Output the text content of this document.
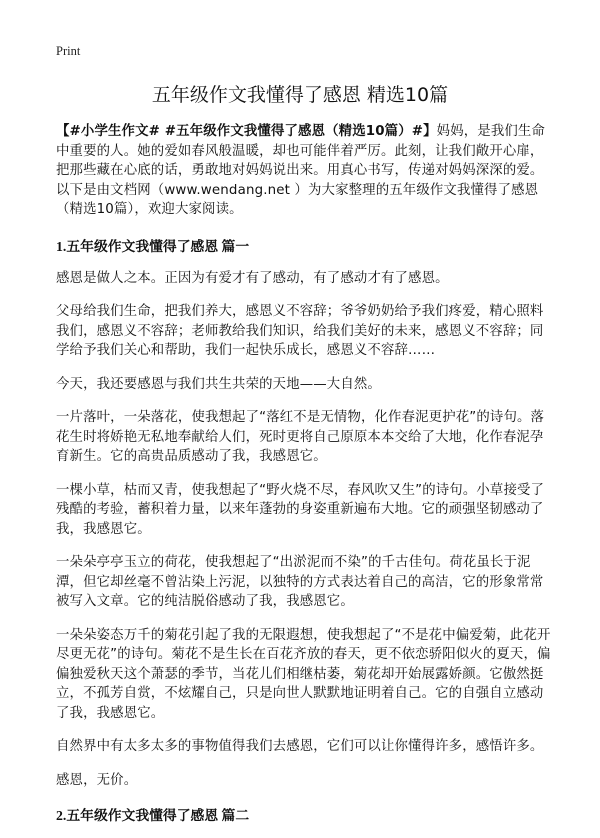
Print
五年级作文我懂得了感恩 精选10篇

【#小学生作文# #五年级作文我懂得了感恩（精选10篇）#】妈妈，是我们生命中重要的人。她的爱如春风般温暖，却也可能伴着严厉。此刻，让我们敞开心扉，把那些藏在心底的话，勇敢地对妈妈说出来。用真心书写，传递对妈妈深深的爱。以下是由文档网（www.wendang.net ）为大家整理的五年级作文我懂得了感恩（精选10篇），欢迎大家阅读。

1.五年级作文我懂得了感恩 篇一

感恩是做人之本。正因为有爱才有了感动，有了感动才有了感恩。

父母给我们生命，把我们养大，感恩义不容辞；爷爷奶奶给予我们疼爱，精心照料我们，感恩义不容辞；老师教给我们知识，给我们美好的未来，感恩义不容辞；同学给予我们关心和帮助，我们一起快乐成长，感恩义不容辞……

今天，我还要感恩与我们共生共荣的天地——大自然。

一片落叶，一朵落花，使我想起了“落红不是无情物，化作春泥更护花”的诗句。落花生时将娇艳无私地奉献给人们，死时更将自己原原本本交给了大地，化作春泥孕育新生。它的高贵品质感动了我，我感恩它。

一棵小草，枯而又青，使我想起了“野火烧不尽，春风吹又生”的诗句。小草接受了残酷的考验，蓄积着力量，以来年蓬勃的身姿重新遍布大地。它的顽强坚韧感动了我，我感恩它。

一朵朵亭亭玉立的荷花，使我想起了“出淤泥而不染”的千古佳句。荷花虽长于泥潭，但它却丝毫不曾沾染上污泥，以独特的方式表达着自己的高洁，它的形象常常被写入文章。它的纯洁脱俗感动了我，我感恩它。

一朵朵姿态万千的菊花引起了我的无限遐想，使我想起了“不是花中偏爱菊，此花开尽更无花”的诗句。菊花不是生长在百花齐放的春天，更不依恋骄阳似火的夏天，偏偏独爱秋天这个萧瑟的季节，当花儿们相继枯萎，菊花却开始展露娇颜。它傲然挺立，不孤芳自赏，不炫耀自己，只是向世人默默地证明着自己。它的自强自立感动了我，我感恩它。

自然界中有太多太多的事物值得我们去感恩，它们可以让你懂得许多，感悟许多。

感恩，无价。

2.五年级作文我懂得了感恩 篇二
